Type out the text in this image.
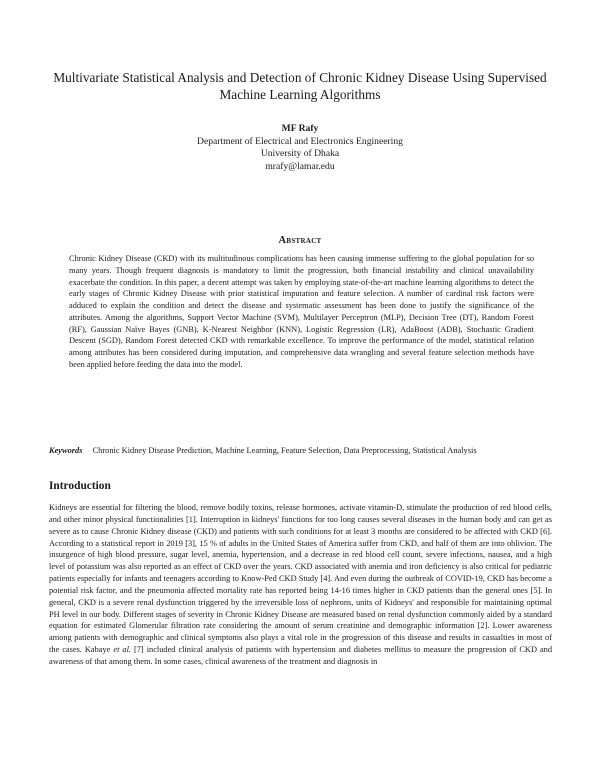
Multivariate Statistical Analysis and Detection of Chronic Kidney Disease Using Supervised Machine Learning Algorithms
MF Rafy
Department of Electrical and Electronics Engineering
University of Dhaka
mrafy@lamar.edu
Abstract
Chronic Kidney Disease (CKD) with its multitudinous complications has been causing immense suffering to the global population for so many years. Though frequent diagnosis is mandatory to limit the progression, both financial instability and clinical unavailability exacerbate the condition. In this paper, a decent attempt was taken by employing state-of-the-art machine learning algorithms to detect the early stages of Chronic Kidney Disease with prior statistical imputation and feature selection. A number of cardinal risk factors were adduced to explain the condition and detect the disease and systematic assessment has been done to justify the significance of the attributes. Among the algorithms, Support Vector Machine (SVM), Multilayer Perceptron (MLP), Decision Tree (DT), Random Forest (RF), Gaussian Naïve Bayes (GNB), K-Nearest Neighbor (KNN), Logistic Regression (LR), AdaBoost (ADB), Stochastic Gradient Descent (SGD), Random Forest detected CKD with remarkable excellence. To improve the performance of the model, statistical relation among attributes has been considered during imputation, and comprehensive data wrangling and several feature selection methods have been applied before feeding the data into the model.
Keywords Chronic Kidney Disease Prediction, Machine Learning, Feature Selection, Data Preprocessing, Statistical Analysis
Introduction
Kidneys are essential for filtering the blood, remove bodily toxins, release hormones, activate vitamin-D, stimulate the production of red blood cells, and other minor physical functionalities [1]. Interruption in kidneys' functions for too long causes several diseases in the human body and can get as severe as to cause Chronic Kidney disease (CKD) and patients with such conditions for at least 3 months are considered to be affected with CKD [6]. According to a statistical report in 2019 [3], 15 % of adults in the United States of America suffer from CKD, and half of them are into oblivion. The insurgence of high blood pressure, sugar level, anemia, hypertension, and a decrease in red blood cell count, severe infections, nausea, and a high level of potassium was also reported as an effect of CKD over the years. CKD associated with anemia and iron deficiency is also critical for pediatric patients especially for infants and teenagers according to Know-Ped CKD Study [4]. And even during the outbreak of COVID-19, CKD has become a potential risk factor, and the pneumonia affected mortality rate has reported being 14-16 times higher in CKD patients than the general ones [5]. In general, CKD is a severe renal dysfunction triggered by the irreversible loss of nephrons, units of Kidneys' and responsible for maintaining optimal PH level in our body. Different stages of severity in Chronic Kidney Disease are measured based on renal dysfunction commonly aided by a standard equation for estimated Glomerular filtration rate considering the amount of serum creatinine and demographic information [2]. Lower awareness among patients with demographic and clinical symptoms also plays a vital role in the progression of this disease and results in casualties in most of the cases. Kabaye et al. [7] included clinical analysis of patients with hypertension and diabetes mellitus to measure the progression of CKD and awareness of that among them. In some cases, clinical awareness of the treatment and diagnosis in
